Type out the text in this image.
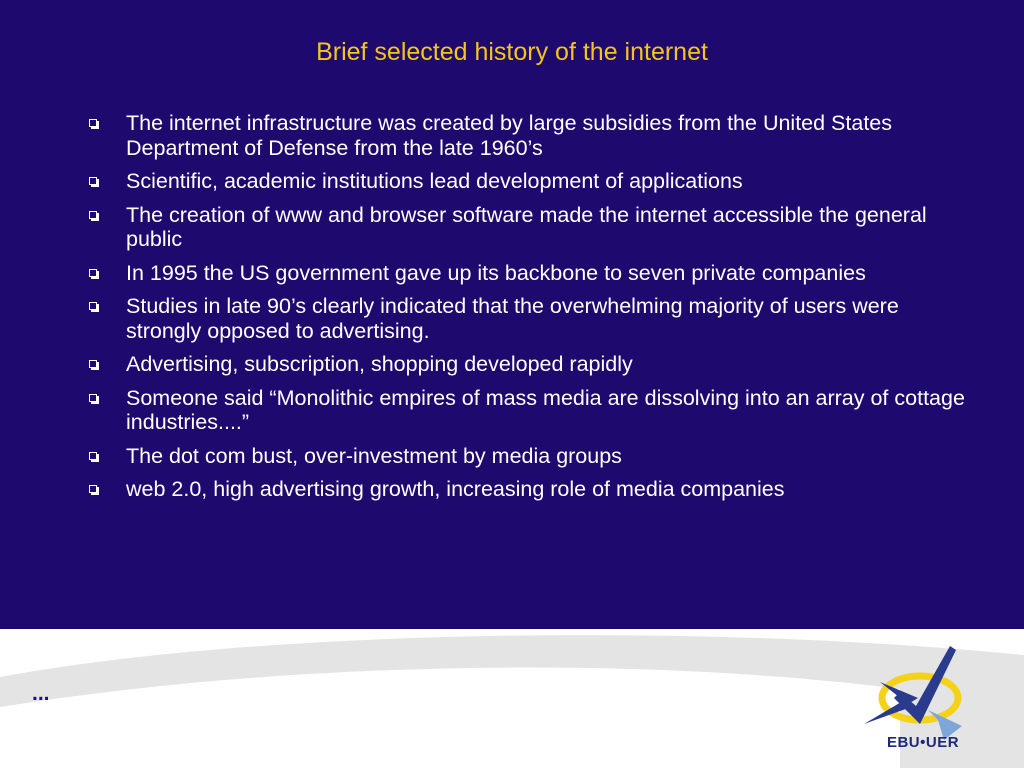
Brief selected history of the internet
The internet infrastructure was created by large subsidies from the United States Department of Defense from the late 1960’s
Scientific, academic institutions lead development of applications
The creation of www and browser software made the internet accessible the general public
In 1995 the US government gave up its backbone to seven private companies
Studies in late 90’s clearly indicated that the overwhelming majority of users were strongly opposed to advertising.
Advertising, subscription, shopping developed rapidly
Someone said “Monolithic empires of mass media are dissolving into an array of cottage industries....”
The dot com bust, over-investment by media groups
web 2.0, high advertising growth, increasing role of media companies
...
EBU•UER
